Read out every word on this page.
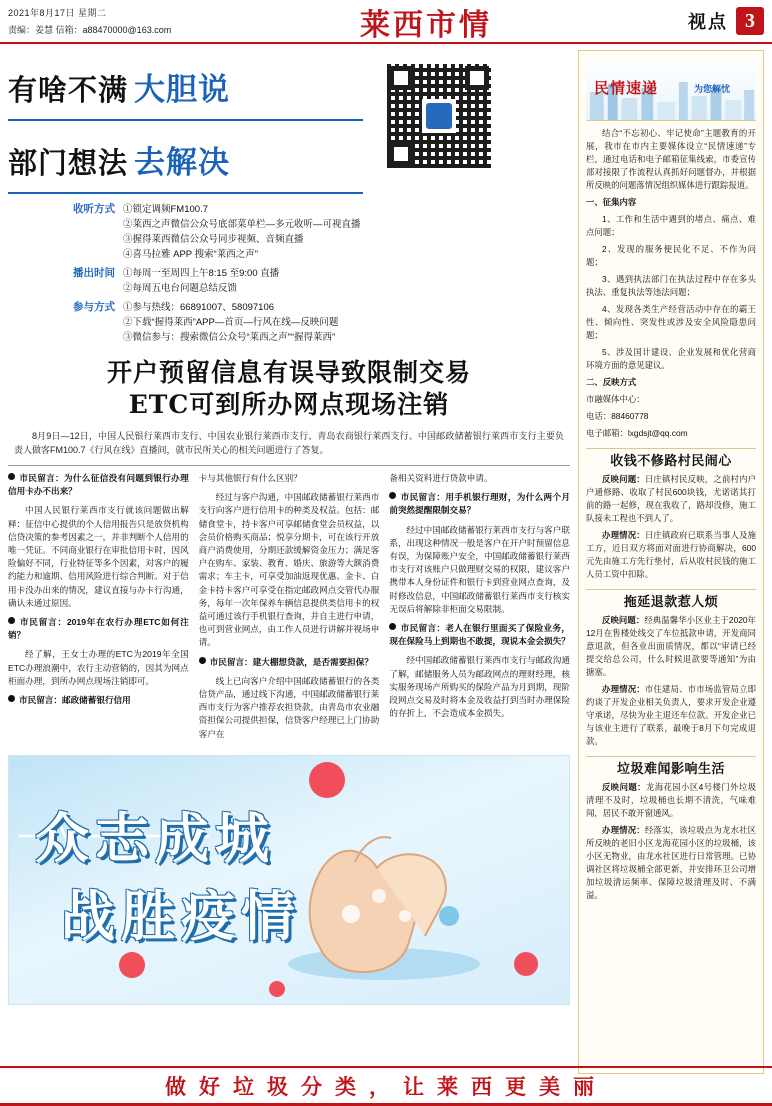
2021年8月17日 星期二
责编：姜慧 信箱：a88470000@163.com	莱西市情	视点 3
有啥不满 大胆说
部门想法 去解决
收听方式 ①锁定调频FM100.7
②莱西之声微信公众号底部菜单栏—多元收听—可视直播
③握得莱西微信公众号同步视频、音频直播
④喜马拉雅 APP 搜索“莱西之声”
播出时间 ①每周一至周四上午8:15 至9:00 直播
②每周五电台问题总结反馈
参与方式 ①参与热线：66891007、58097106
②下载“握得莱西”APP—首页—行风在线—反映问题
③微信参与：搜索微信公众号“莱西之声”“握得莱西”
开户预留信息有误导致限制交易
ETC可到所办网点现场注销

8月9日—12日，中国人民银行莱西市支行、中国农业银行莱西市支行、青岛农商银行莱西支行、中国邮政储蓄银行莱西市支行主要负责人做客FM100.7《行风在线》直播间，就市民所关心的相关问题进行了答复。

市民留言：为什么征信没有问题到银行办理信用卡办不出来？

中国人民银行莱西市支行就该问题做出解释：征信中心提供的个人信用报告只是放贷机构信贷决策的参考因素之一，并非判断个人信用的唯一凭证。不同商业银行在审批信用卡时，因风险偏好不同，行业特征等多个因素，对客户的履约能力和逾期、信用风险进行综合判断。对于信用卡没办出来的情况，建议直接与办卡行沟通，确认未通过原因。

市民留言：2019年在农行办理ETC如何注销？

经了解，王女士办理的ETC为2019年全国ETC办理浪潮中，农行主动营销的，因其为网点柜面办理，到所办网点现场注销即可。

市民留言：邮政储蓄银行信用

卡与其他银行有什么区别？

经过与客户沟通，中国邮政储蓄银行莱西市支行向客户进行信用卡的种类及权益。包括：邮储食堂卡，持卡客户可享邮储食堂会员权益，以会员价格购买商品；悦享分期卡，可在该行开放商户消费使用，分期还款缓解资金压力；满足客户在购车、家装、教育、婚庆、旅游等大额消费需求；车主卡，可享受加油返现优惠、金卡、白金卡持卡客户可享受在指定邮政网点交管代办服务，每年一次年保养车辆信息提供类信用卡的权益可通过该行手机银行查询，并自主进行申请，也可到营业网点，由工作人员进行讲解并视场申请。

市民留言：建大棚想贷款，是否需要担保？

线上已向客户介绍中国邮政储蓄银行的各类信贷产品，通过线下沟通，中国邮政储蓄银行莱西市支行为客户推荐农担贷款，由青岛市农业融资担保公司提供担保，信贷客户经理已上门协助客户在

备相关资料进行贷款申请。

市民留言：用手机银行理财，为什么两个月前突然提醒限制交易？

经过中国邮政储蓄银行莱西市支行与客户联系，出现这种情况一般是客户在开户时预留信息有误，为保障账户安全，中国邮政储蓄银行莱西市支行对该账户只做理财交易的权限，建议客户携带本人身份证件和银行卡到营业网点查询，及时修改信息，中国邮政储蓄银行莱西市支行核实无误后将解除非柜面交易限制。

市民留言：老人在银行里面买了保险业务，现在保险马上到期也不敢提，现说本金会损失？

经中国邮政储蓄银行莱西市支行与邮政沟通了解，邮储服务人员为邮政网点的理财经理，核实服务现场产所购买的保险产品为月到期，现阶段网点交易及时将本金及收益打到当时办理保险的存折上，不会造成本金损失。

众志成城
战胜疫情
民情速递	为您解忧

结合“不忘初心、牢记使命”主题教育的开展，我市在市内主要媒体设立“民情速递”专栏，通过电话和电子邮箱征集线索，市委宣传部对接限了作流程认真抓好问题督办，并根据所反映的问题落情况组织媒体进行跟踪报道。

一、征集内容

1、工作和生活中遇到的堵点、痛点、难点问题；

2、发现的服务便民化不足、不作为问题；

3、遇到执法部门在执法过程中存在多头执法、重复执法等违法问题；

4、发现各类生产经营活动中存在的霸王性、倾向性、突发性或涉及安全风险隐患问题；

5、涉及国计建设、企业发展和优化营商环境方面的意见建议。

二、反映方式

市融媒体中心：

电话：88460778

电子邮箱：lxgdsjt@qq.com

收钱不修路村民闹心

反映问题：日庄镇村民反映，之前村内户户通修路、收取了村民600块钱，尤诺诺其打前的路一起修，现在我收了，路却没修，施工队接未工程也不到人了。

办理情况：日庄镇政府已联系当事人及施工方，近日双方将面对面进行协商解决，600元先由施工方先行垫付，后从收村民钱的施工人员工资中扣除。

拖延退款惹人烦

反映问题：经典温馨华小区业主于2020年12月在售楼处线交了车位抵款申请，开发商同意退款，但各业出面质情况，都以“审请已经提交给总公司，什么时候退款要等通知”为由搪塞。

办理情况：市住建局、市市场监管局立即约谈了开发企业相关负责人，要求开发企业遵守承诺，尽快为业主退还车位款。开发企业已与该业主进行了联系，最晚于8月下句完成退款。

垃圾难闻影响生活

反映问题：龙海花园小区4号楼门外垃圾清理不及时，垃圾桶也长期不清洗，气味难闻，居民不敢开窗通风。

办理情况：经落实，该垃圾点为龙水社区所反映的老旧小区龙海花园小区的垃圾桶，该小区无物业，由龙水社区进行日常管理。已协调社区将垃圾桶全部更新，并安排环卫公司增加垃圾清运频率、保障垃圾清理及时、不满溢。

做好垃圾分类，让莱西更美丽
